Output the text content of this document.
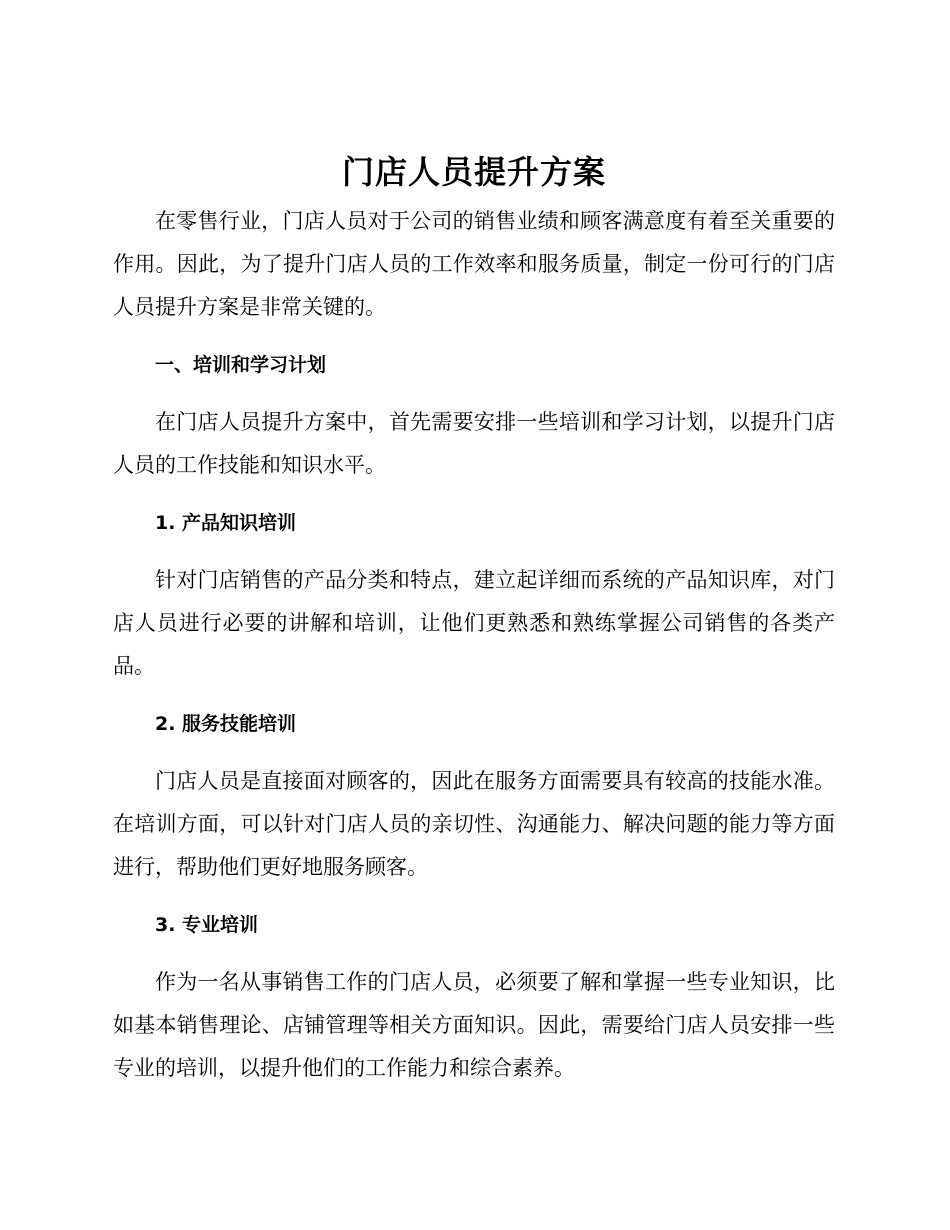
门店人员提升方案

在零售行业，门店人员对于公司的销售业绩和顾客满意度有着至关重要的作用。因此，为了提升门店人员的工作效率和服务质量，制定一份可行的门店人员提升方案是非常关键的。

一、培训和学习计划

在门店人员提升方案中，首先需要安排一些培训和学习计划，以提升门店人员的工作技能和知识水平。

1. 产品知识培训

针对门店销售的产品分类和特点，建立起详细而系统的产品知识库，对门店人员进行必要的讲解和培训，让他们更熟悉和熟练掌握公司销售的各类产品。

2. 服务技能培训

门店人员是直接面对顾客的，因此在服务方面需要具有较高的技能水准。在培训方面，可以针对门店人员的亲切性、沟通能力、解决问题的能力等方面进行，帮助他们更好地服务顾客。

3. 专业培训

作为一名从事销售工作的门店人员，必须要了解和掌握一些专业知识，比如基本销售理论、店铺管理等相关方面知识。因此，需要给门店人员安排一些专业的培训，以提升他们的工作能力和综合素养。
